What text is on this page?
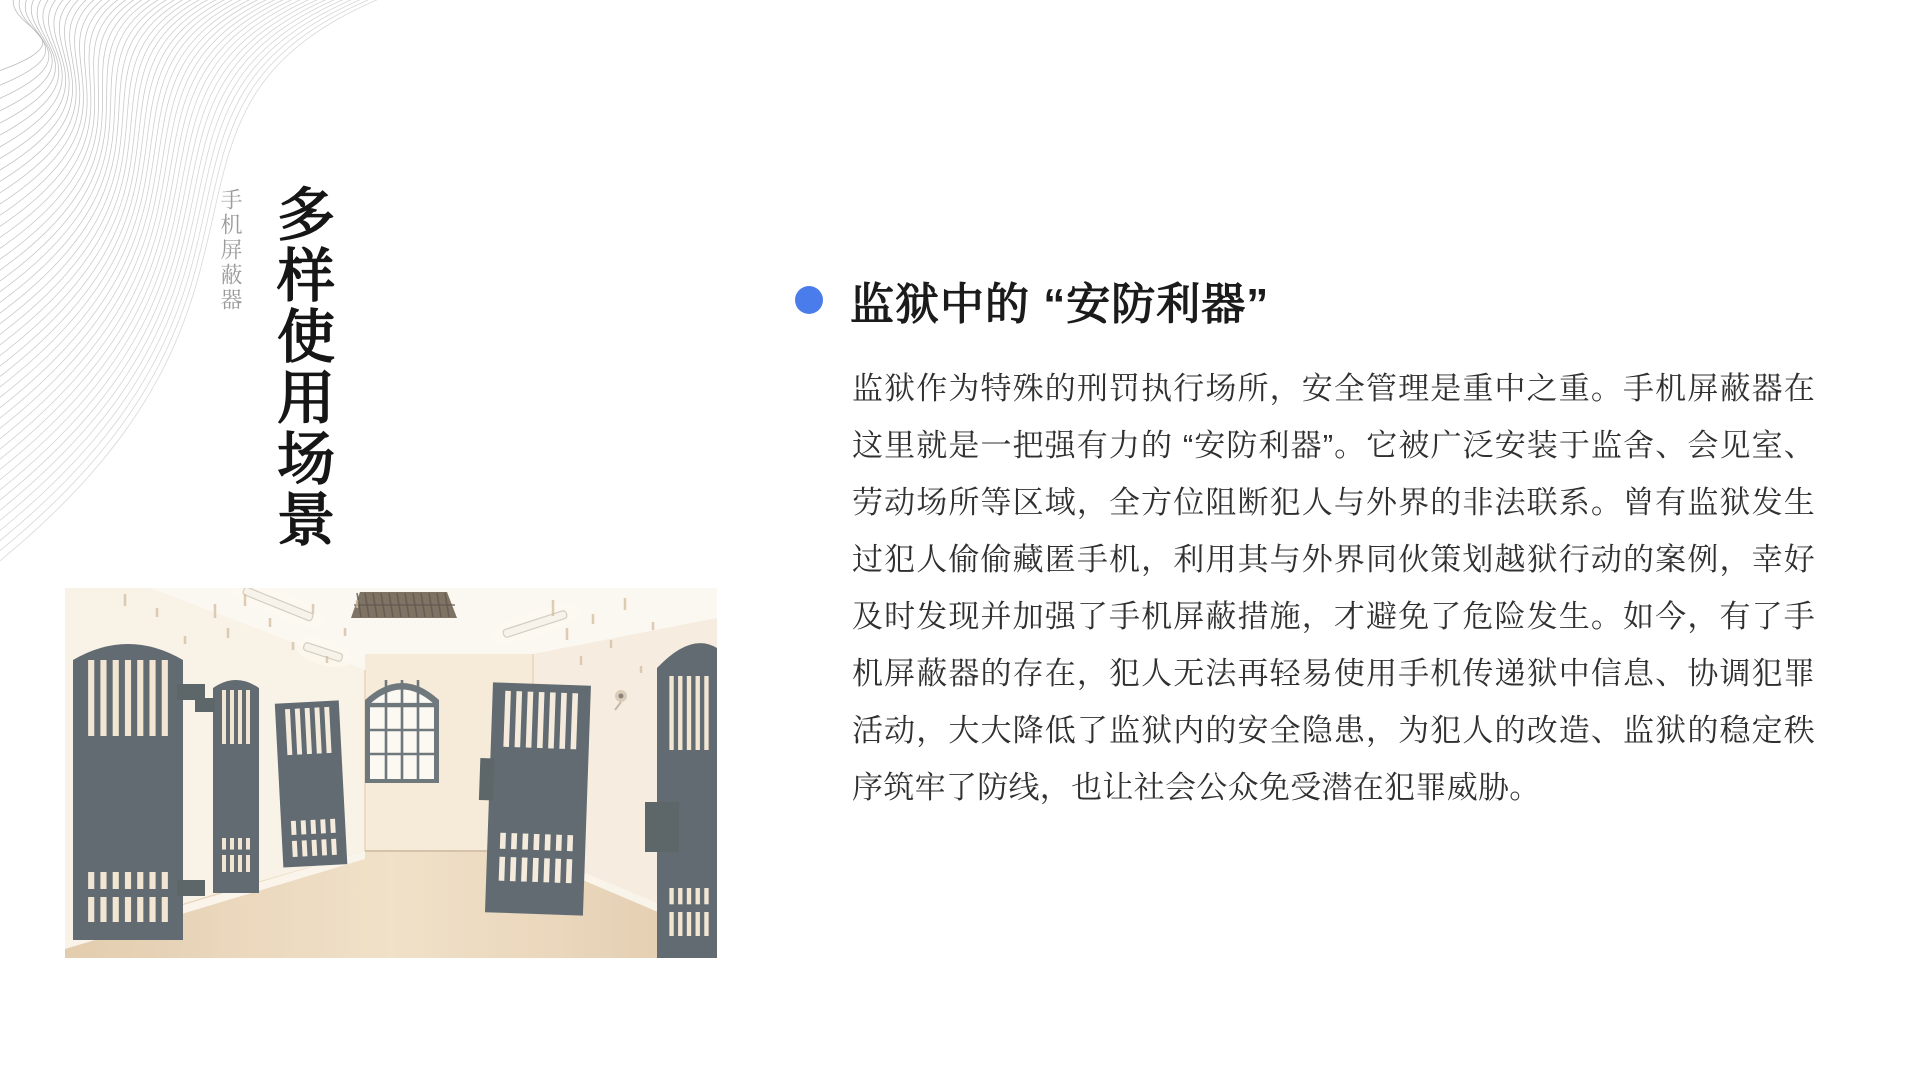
手机屏蔽器 多样使用场景	监狱中的 “安防利器”
监狱作为特殊的刑罚执行场所，安全管理是重中之重。手机屏蔽器在这里就是一把强有力的 “安防利器”。它被广泛安装于监舍、会见室、劳动场所等区域，全方位阻断犯人与外界的非法联系。曾有监狱发生过犯人偷偷藏匿手机，利用其与外界同伙策划越狱行动的案例，幸好及时发现并加强了手机屏蔽措施，才避免了危险发生。如今，有了手机屏蔽器的存在，犯人无法再轻易使用手机传递狱中信息、协调犯罪活动，大大降低了监狱内的安全隐患，为犯人的改造、监狱的稳定秩序筑牢了防线，也让社会公众免受潜在犯罪威胁。
